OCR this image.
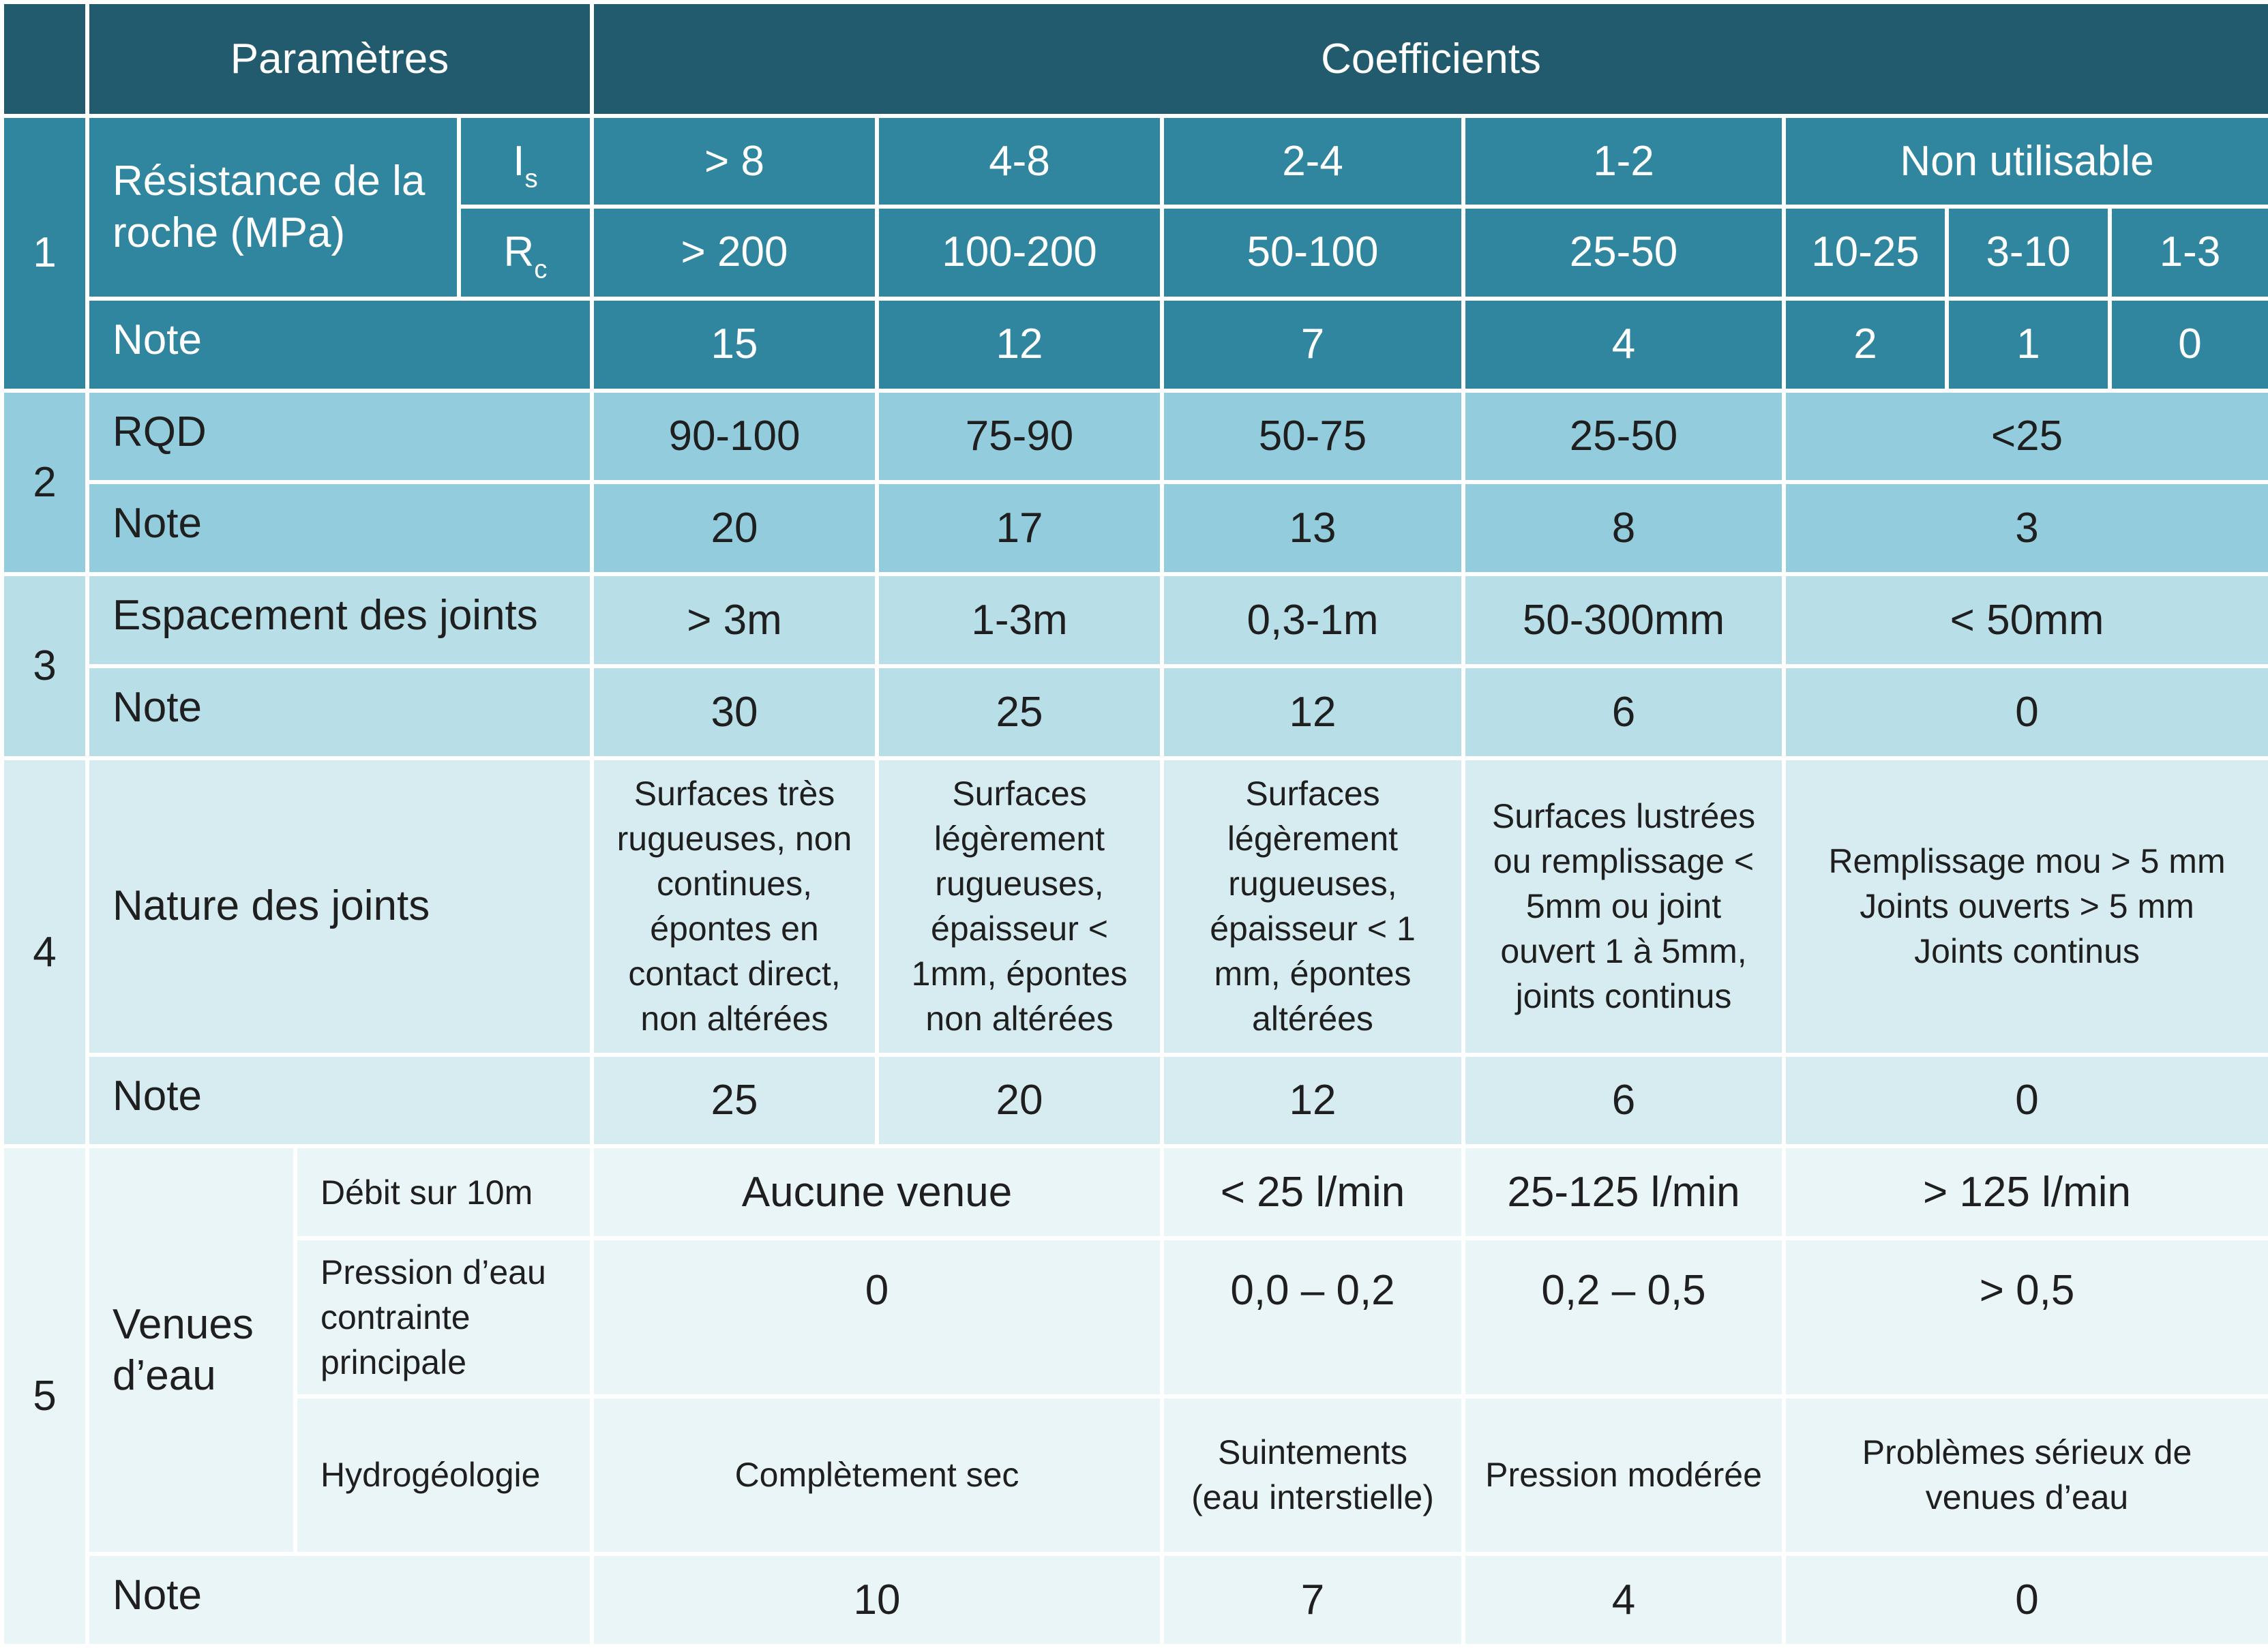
	Paramètres			Coefficients						
1	Résistance de la roche (MPa)		$I_s$	> 8	4-8	2-4	1-2	Non utilisable		
			$R_c$	> 200	100-200	50-100	25-50	10-25	3-10	1-3
	Note			15	12	7	4	2	1	0
2	RQD			90-100	75-90	50-75	25-50	<25		
	Note			20	17	13	8	3		
3	Espacement des joints			> 3m	1-3m	0,3-1m	50-300mm	< 50mm		
	Note			30	25	12	6	0		
4	Nature des joints			Surfaces très rugueuses, non continues, épontes en contact direct, non altérées	Surfaces légèrement rugueuses, épaisseur < 1mm, épontes non altérées	Surfaces légèrement rugueuses, épaisseur < 1 mm, épontes altérées	Surfaces lustrées ou remplissage < 5mm ou joint ouvert 1 à 5mm, joints continus	Remplissage mou > 5 mm Joints ouverts > 5 mm Joints continus		
	Note			25	20	12	6	0		
5	Venues d’eau	Débit sur 10m		Aucune venue		< 25 l/min	25-125 l/min	> 125 l/min		
		Pression d’eau contrainte principale		0		0,0 – 0,2	0,2 – 0,5	> 0,5		
		Hydrogéologie		Complètement sec		Suintements (eau interstielle)	Pression modérée	Problèmes sérieux de venues d’eau		
	Note			10		7	4	0		
